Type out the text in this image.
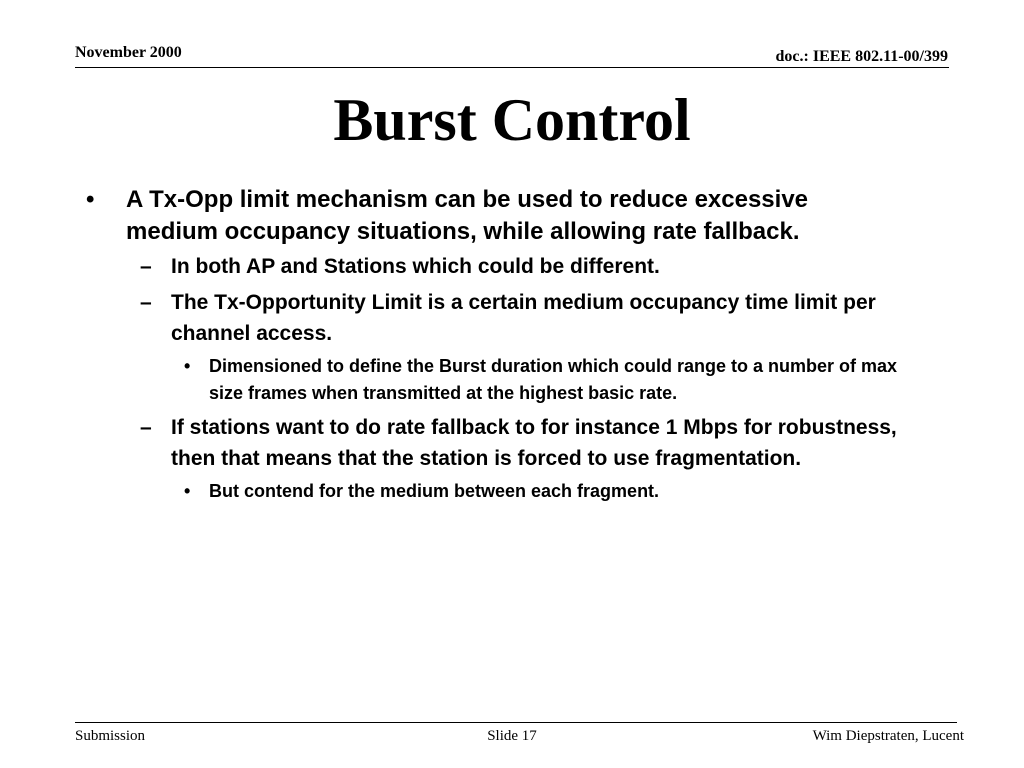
November 2000	doc.: IEEE 802.11-00/399
Burst Control
• A Tx-Opp limit mechanism can be used to reduce excessive medium occupancy situations, while allowing rate fallback.
– In both AP and Stations which could be different.
– The Tx-Opportunity Limit is a certain medium occupancy time limit per channel access.
• Dimensioned to define the Burst duration which could range to a number of max size frames when transmitted at the highest basic rate.
– If stations want to do rate fallback to for instance 1 Mbps for robustness, then that means that the station is forced to use fragmentation.
• But contend for the medium between each fragment.
Submission	Slide 17	Wim Diepstraten, Lucent
